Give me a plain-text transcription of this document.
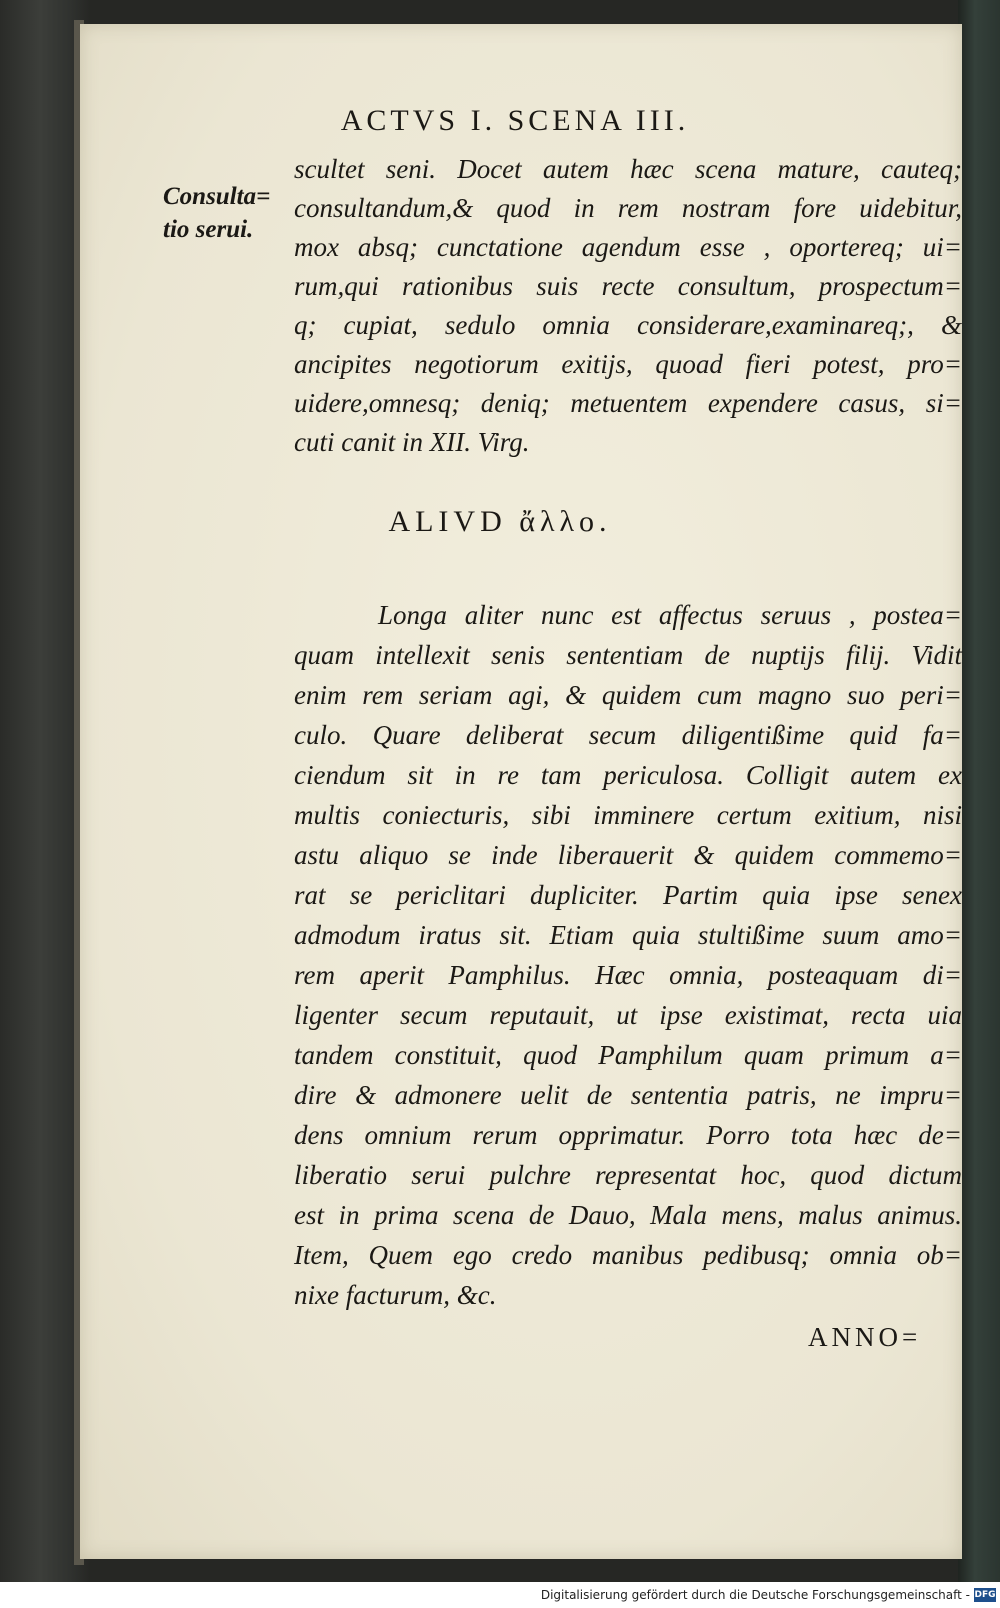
ACTVS I. SCENA III.
Consulta=
tio serui.
scultet seni. Docet autem hæc scena mature, cauteq;
consultandum,& quod in rem nostram fore uidebitur,
mox absq; cunctatione agendum esse , oportereq; ui=
rum,qui rationibus suis recte consultum, prospectum=
q; cupiat, sedulo omnia considerare,examinareq;, &
ancipites negotiorum exitijs, quoad fieri potest, pro=
uidere,omnesq; deniq; metuentem expendere casus, si=
cuti canit in XII. Virg.
ALIVD ἄλλο.
Longa aliter nunc est affectus seruus , postea=
quam intellexit senis sententiam de nuptijs filij. Vidit
enim rem seriam agi, & quidem cum magno suo peri=
culo. Quare deliberat secum diligentißime quid fa=
ciendum sit in re tam periculosa. Colligit autem ex
multis coniecturis, sibi imminere certum exitium, nisi
astu aliquo se inde liberauerit & quidem commemo=
rat se periclitari dupliciter. Partim quia ipse senex
admodum iratus sit. Etiam quia stultißime suum amo=
rem aperit Pamphilus. Hæc omnia, posteaquam di=
ligenter secum reputauit, ut ipse existimat, recta uia
tandem constituit, quod Pamphilum quam primum a=
dire & admonere uelit de sententia patris, ne impru=
dens omnium rerum opprimatur. Porro tota hæc de=
liberatio serui pulchre representat hoc, quod dictum
est in prima scena de Dauo, Mala mens, malus animus.
Item, Quem ego credo manibus pedibusq; omnia ob=
nixe facturum, &c.
ANNO=
Digitalisierung gefördert durch die Deutsche Forschungsgemeinschaft - DFG
